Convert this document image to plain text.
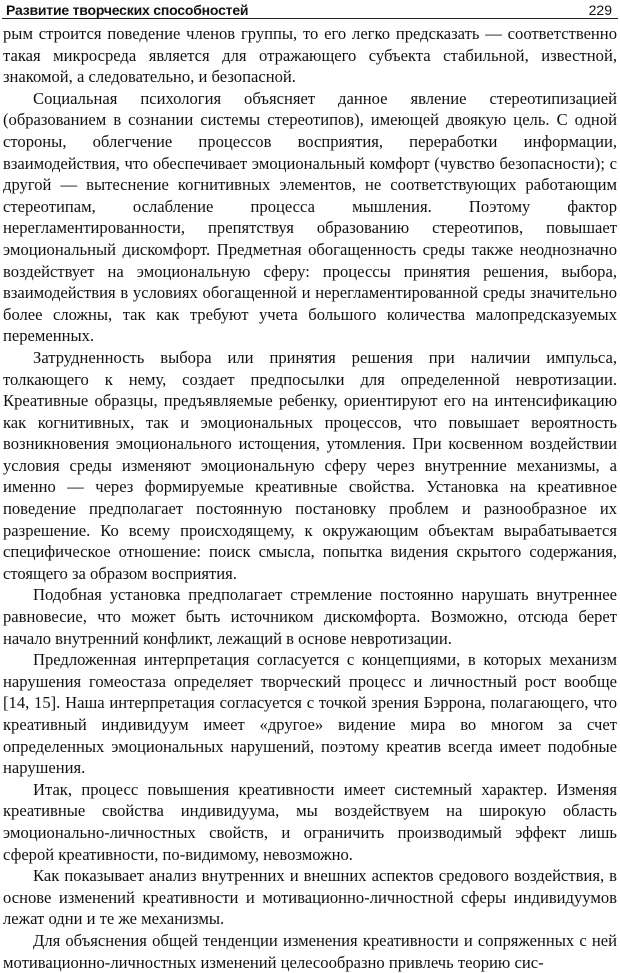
Развитие творческих способностей	229

рым строится поведение членов группы, то его легко предсказать — соответственно такая микросреда является для отражающего субъекта стабильной, известной, знакомой, а следовательно, и безопасной.

Социальная психология объясняет данное явление стереотипизацией (образованием в сознании системы стереотипов), имеющей двоякую цель. С одной стороны, облегчение процессов восприятия, переработки информации, взаимодействия, что обеспечивает эмоциональный комфорт (чувство безопасности); с другой — вытеснение когнитивных элементов, не соответствующих работающим стереотипам, ослабление процесса мышления. Поэтому фактор нерегламентированности, препятствуя образованию стереотипов, повышает эмоциональный дискомфорт. Предметная обогащенность среды также неоднозначно воздействует на эмоциональную сферу: процессы принятия решения, выбора, взаимодействия в условиях обогащенной и нерегламентированной среды значительно более сложны, так как требуют учета большого количества малопредсказуемых переменных.

Затрудненность выбора или принятия решения при наличии импульса, толкающего к нему, создает предпосылки для определенной невротизации. Креативные образцы, предъявляемые ребенку, ориентируют его на интенсификацию как когнитивных, так и эмоциональных процессов, что повышает вероятность возникновения эмоционального истощения, утомления. При косвенном воздействии условия среды изменяют эмоциональную сферу через внутренние механизмы, а именно — через формируемые креативные свойства. Установка на креативное поведение предполагает постоянную постановку проблем и разнообразное их разрешение. Ко всему происходящему, к окружающим объектам вырабатывается специфическое отношение: поиск смысла, попытка видения скрытого содержания, стоящего за образом восприятия.

Подобная установка предполагает стремление постоянно нарушать внутреннее равновесие, что может быть источником дискомфорта. Возможно, отсюда берет начало внутренний конфликт, лежащий в основе невротизации.

Предложенная интерпретация согласуется с концепциями, в которых механизм нарушения гомеостаза определяет творческий процесс и личностный рост вообще [14, 15]. Наша интерпретация согласуется с точкой зрения Бэррона, полагающего, что креативный индивидуум имеет «другое» видение мира во многом за счет определенных эмоциональных нарушений, поэтому креатив всегда имеет подобные нарушения.

Итак, процесс повышения креативности имеет системный характер. Изменяя креативные свойства индивидуума, мы воздействуем на широкую область эмоционально-личностных свойств, и ограничить производимый эффект лишь сферой креативности, по-видимому, невозможно.

Как показывает анализ внутренних и внешних аспектов средового воздействия, в основе изменений креативности и мотивационно-личностной сферы индивидуумов лежат одни и те же механизмы.

Для объяснения общей тенденции изменения креативности и сопряженных с ней мотивационно-личностных изменений целесообразно привлечь теорию сис-
